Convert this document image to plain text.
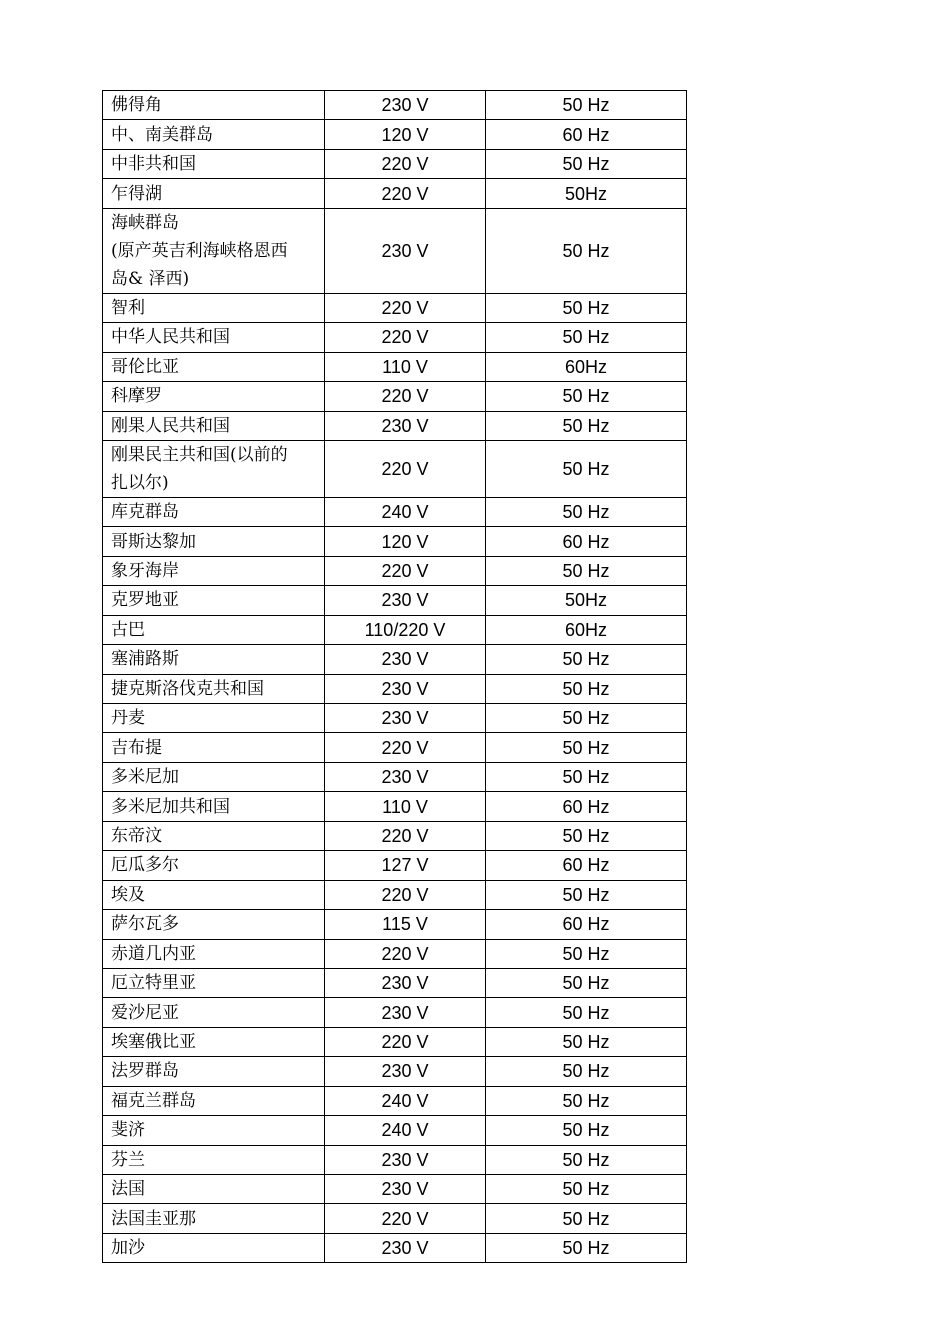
佛得角	230 V	50 Hz
中、南美群岛	120 V	60 Hz
中非共和国	220 V	50 Hz
乍得湖	220 V	50Hz
海峡群岛
(原产英吉利海峡格恩西
岛& 泽西)	230 V	50 Hz
智利	220 V	50 Hz
中华人民共和国	220 V	50 Hz
哥伦比亚	110 V	60Hz
科摩罗	220 V	50 Hz
刚果人民共和国	230 V	50 Hz
刚果民主共和国(以前的
扎以尔)	220 V	50 Hz
库克群岛	240 V	50 Hz
哥斯达黎加	120 V	60 Hz
象牙海岸	220 V	50 Hz
克罗地亚	230 V	50Hz
古巴	110/220 V	60Hz
塞浦路斯	230 V	50 Hz
捷克斯洛伐克共和国	230 V	50 Hz
丹麦	230 V	50 Hz
吉布提	220 V	50 Hz
多米尼加	230 V	50 Hz
多米尼加共和国	110 V	60 Hz
东帝汶	220 V	50 Hz
厄瓜多尔	127 V	60 Hz
埃及	220 V	50 Hz
萨尔瓦多	115 V	60 Hz
赤道几内亚	220 V	50 Hz
厄立特里亚	230 V	50 Hz
爱沙尼亚	230 V	50 Hz
埃塞俄比亚	220 V	50 Hz
法罗群岛	230 V	50 Hz
福克兰群岛	240 V	50 Hz
斐济	240 V	50 Hz
芬兰	230 V	50 Hz
法国	230 V	50 Hz
法国圭亚那	220 V	50 Hz
加沙	230 V	50 Hz
